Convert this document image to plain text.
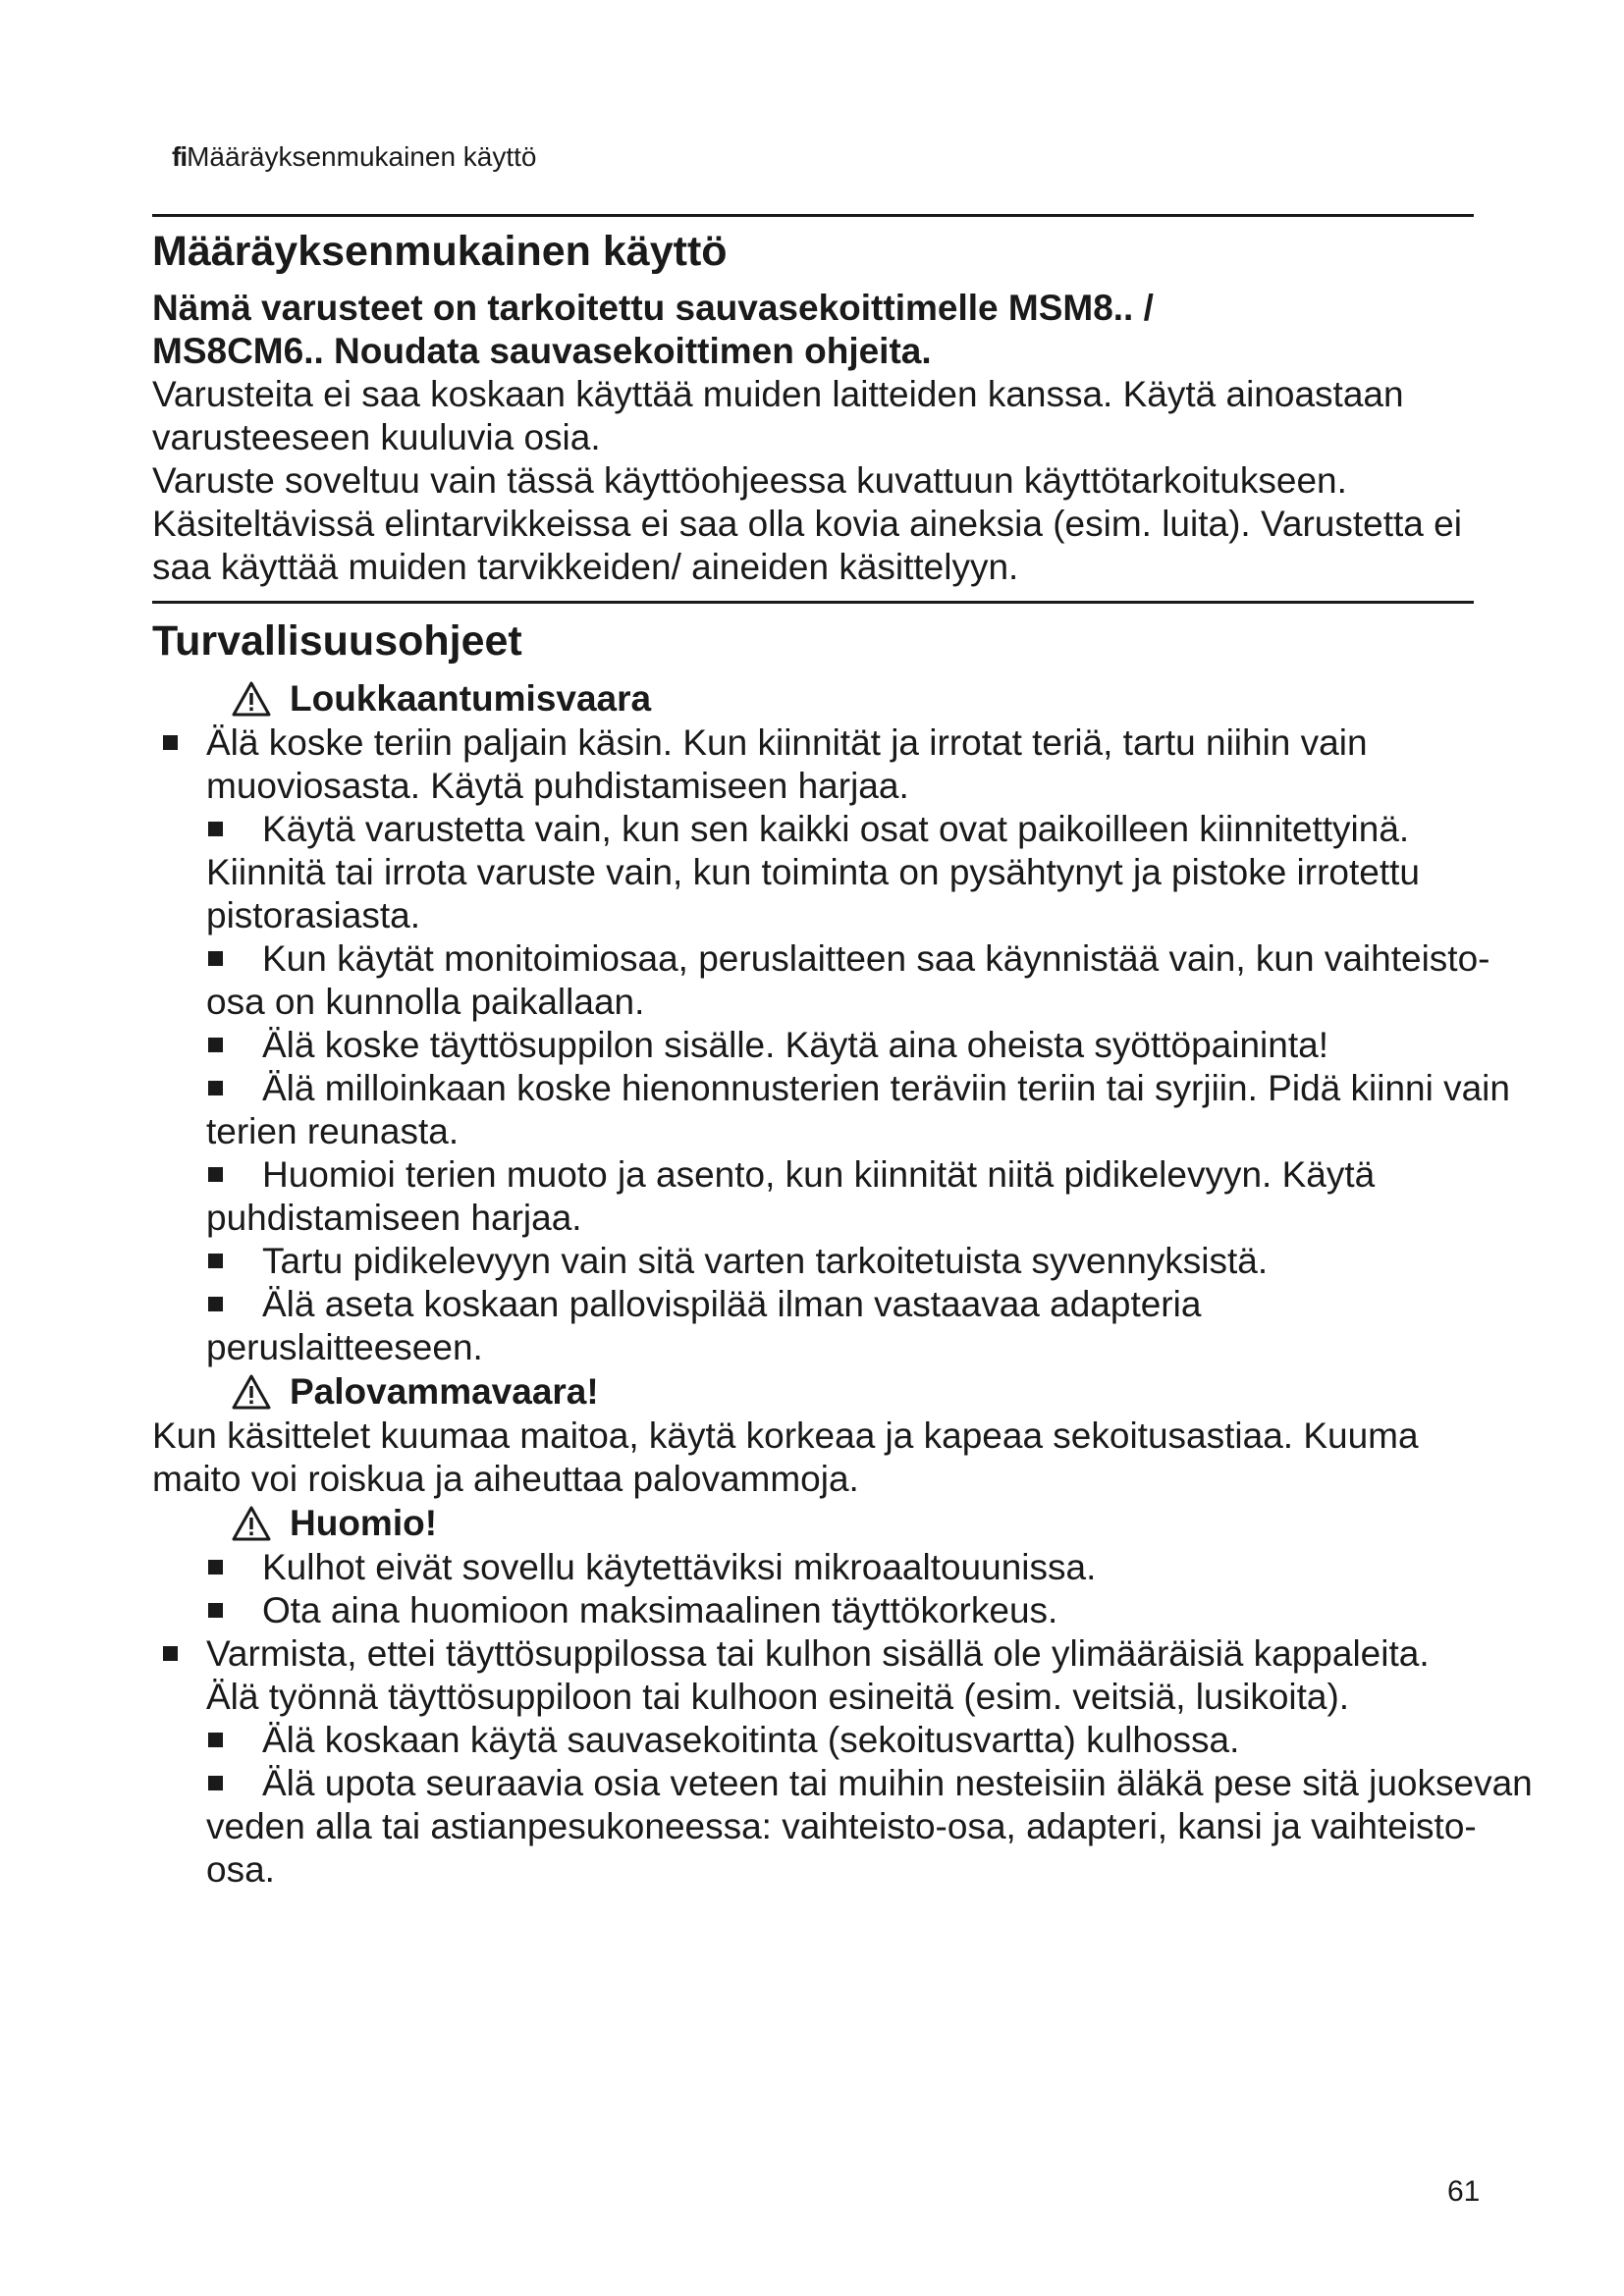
fiMääräyksenmukainen käyttö
Määräyksenmukainen käyttö
Nämä varusteet on tarkoitettu sauvasekoittimelle MSM8.. / MS8CM6.. Noudata sauvasekoittimen ohjeita.
Varusteita ei saa koskaan käyttää muiden laitteiden kanssa. Käytä ainoastaan varusteeseen kuuluvia osia.
Varuste soveltuu vain tässä käyttöohjeessa kuvattuun käyttötarkoitukseen. Käsiteltävissä elintarvikkeissa ei saa olla kovia aineksia (esim. luita). Varustetta ei saa käyttää muiden tarvikkeiden/ aineiden käsittelyyn.
Turvallisuusohjeet
Loukkaantumisvaara
Älä koske teriin paljain käsin. Kun kiinnität ja irrotat teriä, tartu niihin vain muoviosasta. Käytä puhdistamiseen harjaa.
Käytä varustetta vain, kun sen kaikki osat ovat paikoilleen kiinnitettyinä. Kiinnitä tai irrota varuste vain, kun toiminta on pysähtynyt ja pistoke irrotettu pistorasiasta.
Kun käytät monitoimiosaa, peruslaitteen saa käynnistää vain, kun vaihteisto-osa on kunnolla paikallaan.
Älä koske täyttösuppilon sisälle. Käytä aina oheista syöttöpaininta!
Älä milloinkaan koske hienonnusterien teräviin teriin tai syrjiin. Pidä kiinni vain terien reunasta.
Huomioi terien muoto ja asento, kun kiinnität niitä pidikelevyyn. Käytä puhdistamiseen harjaa.
Tartu pidikelevyyn vain sitä varten tarkoitetuista syvennyksistä.
Älä aseta koskaan pallovispilää ilman vastaavaa adapteria peruslaitteeseen.
Palovammavaara!
Kun käsittelet kuumaa maitoa, käytä korkeaa ja kapeaa sekoitusastiaa. Kuuma maito voi roiskua ja aiheuttaa palovammoja.
Huomio!
Kulhot eivät sovellu käytettäviksi mikroaaltouunissa.
Ota aina huomioon maksimaalinen täyttökorkeus.
Varmista, ettei täyttösuppilossa tai kulhon sisällä ole ylimääräisiä kappaleita. Älä työnnä täyttösuppiloon tai kulhoon esineitä (esim. veitsiä, lusikoita).
Älä koskaan käytä sauvasekoitinta (sekoitusvartta) kulhossa.
Älä upota seuraavia osia veteen tai muihin nesteisiin äläkä pese sitä juoksevan veden alla tai astianpesukoneessa: vaihteisto-osa, adapteri, kansi ja vaihteisto-osa.
61
